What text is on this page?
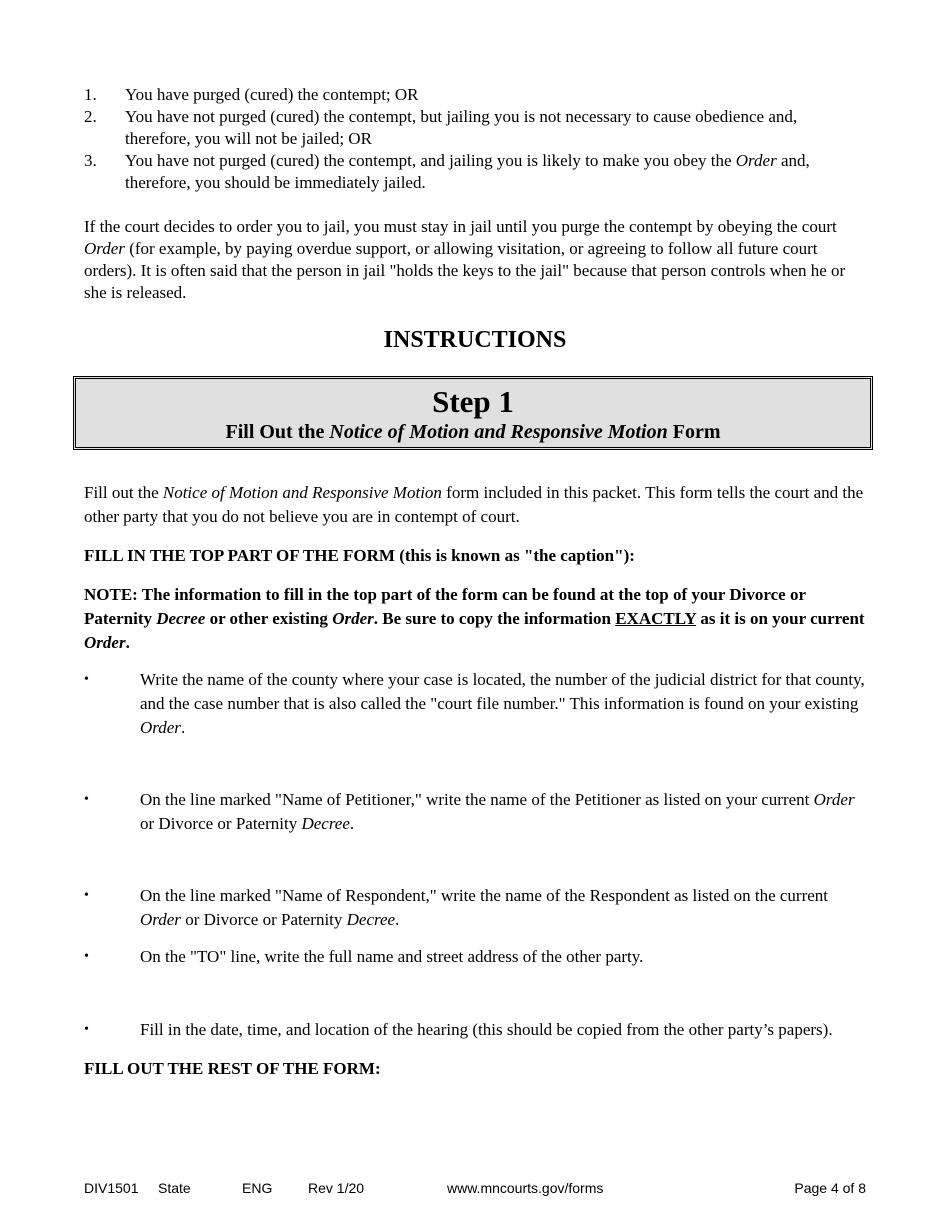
1.	You have purged (cured) the contempt; OR
2.	You have not purged (cured) the contempt, but jailing you is not necessary to cause obedience and, therefore, you will not be jailed; OR
3.	You have not purged (cured) the contempt, and jailing you is likely to make you obey the Order and, therefore, you should be immediately jailed.

If the court decides to order you to jail, you must stay in jail until you purge the contempt by obeying the court Order (for example, by paying overdue support, or allowing visitation, or agreeing to follow all future court orders). It is often said that the person in jail "holds the keys to the jail" because that person controls when he or she is released.

INSTRUCTIONS
Step 1
Fill Out the Notice of Motion and Responsive Motion Form

Fill out the Notice of Motion and Responsive Motion form included in this packet. This form tells the court and the other party that you do not believe you are in contempt of court.

FILL IN THE TOP PART OF THE FORM (this is known as "the caption"):

NOTE: The information to fill in the top part of the form can be found at the top of your Divorce or Paternity Decree or other existing Order. Be sure to copy the information EXACTLY as it is on your current Order.

•	Write the name of the county where your case is located, the number of the judicial district for that county, and the case number that is also called the "court file number." This information is found on your existing Order.
•	On the line marked "Name of Petitioner," write the name of the Petitioner as listed on your current Order or Divorce or Paternity Decree.
•	On the line marked "Name of Respondent," write the name of the Respondent as listed on the current Order or Divorce or Paternity Decree.
•	On the "TO" line, write the full name and street address of the other party.
•	Fill in the date, time, and location of the hearing (this should be copied from the other party’s papers).

FILL OUT THE REST OF THE FORM:

DIV1501 State	ENG	Rev 1/20	www.mncourts.gov/forms	Page 4 of 8
